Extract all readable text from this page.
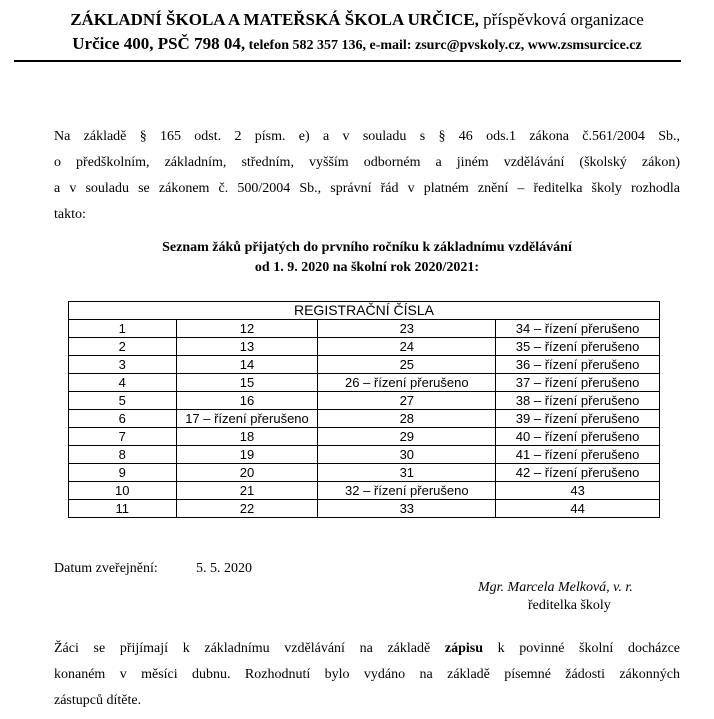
ZÁKLADNÍ ŠKOLA A MATEŘSKÁ ŠKOLA URČICE, příspěvková organizace
Určice 400, PSČ 798 04, telefon 582 357 136, e-mail: zsurc@pvskoly.cz, www.zsmsurcice.cz
Na základě § 165 odst. 2 písm. e) a v souladu s § 46 ods.1 zákona č.561/2004 Sb.,
o předškolním, základním, středním, vyšším odborném a jiném vzdělávání (školský zákon)
a v souladu se zákonem č. 500/2004 Sb., správní řád v platném znění – ředitelka školy rozhodla
takto:
Seznam žáků přijatých do prvního ročníku k základnímu vzdělávání
od 1. 9. 2020 na školní rok 2020/2021:
REGISTRAČNÍ ČÍSLA			
1	12	23	34 – řízení přerušeno
2	13	24	35 – řízení přerušeno
3	14	25	36 – řízení přerušeno
4	15	26 – řízení přerušeno	37 – řízení přerušeno
5	16	27	38 – řízení přerušeno
6	17 – řízení přerušeno	28	39 – řízení přerušeno
7	18	29	40 – řízení přerušeno
8	19	30	41 – řízení přerušeno
9	20	31	42 – řízení přerušeno
10	21	32 – řízení přerušeno	43
11	22	33	44
Datum zveřejnění:	5. 5. 2020
Mgr. Marcela Melková, v. r.
ředitelka školy
Žáci se přijímají k základnímu vzdělávání na základě zápisu k povinné školní docházce
konaném v měsíci dubnu. Rozhodnutí bylo vydáno na základě písemné žádosti zákonných
zástupců dítěte.
